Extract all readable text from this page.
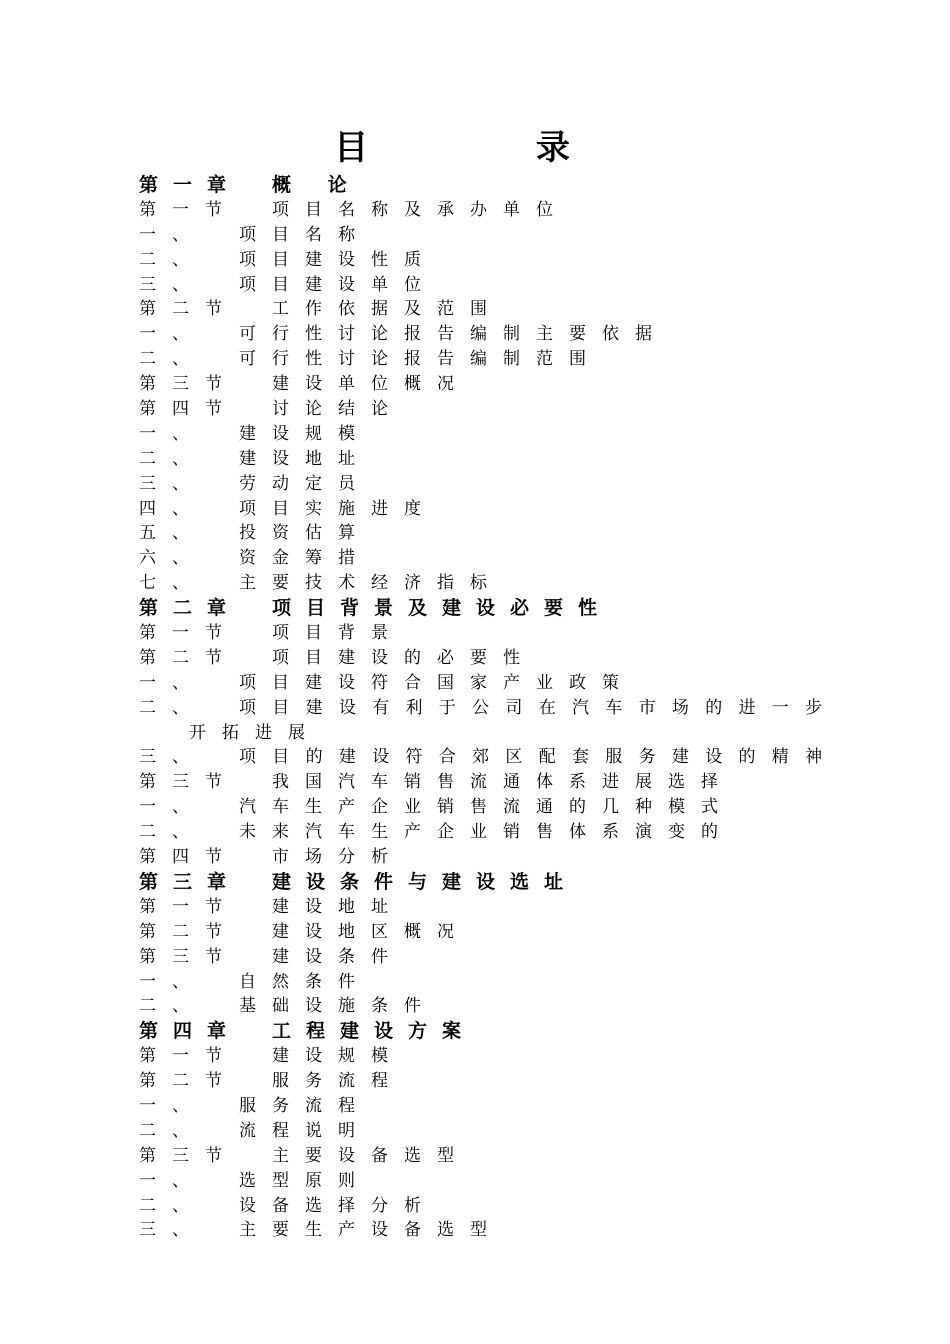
目 录
第一章 概 论
第一节 项目名称及承办单位
一、 项目名称
二、 项目建设性质
三、 项目建设单位
第二节 工作依据及范围
一、 可行性讨论报告编制主要依据
二、 可行性讨论报告编制范围
第三节 建设单位概况
第四节 讨论结论
一、 建设规模
二、 建设地址
三、 劳动定员
四、 项目实施进度
五、 投资估算
六、 资金筹措
七、 主要技术经济指标
第二章 项目背景及建设必要性
第一节 项目背景
第二节 项目建设的必要性
一、 项目建设符合国家产业政策
二、 项目建设有利于公司在汽车市场的进一步
开拓进展
三、 项目的建设符合郊区配套服务建设的精神
第三节 我国汽车销售流通体系进展选择
一、 汽车生产企业销售流通的几种模式
二、 未来汽车生产企业销售体系演变的
第四节 市场分析
第三章 建设条件与建设选址
第一节 建设地址
第二节 建设地区概况
第三节 建设条件
一、 自然条件
二、 基础设施条件
第四章 工程建设方案
第一节 建设规模
第二节 服务流程
一、 服务流程
二、 流程说明
第三节 主要设备选型
一、 选型原则
二、 设备选择分析
三、 主要生产设备选型
